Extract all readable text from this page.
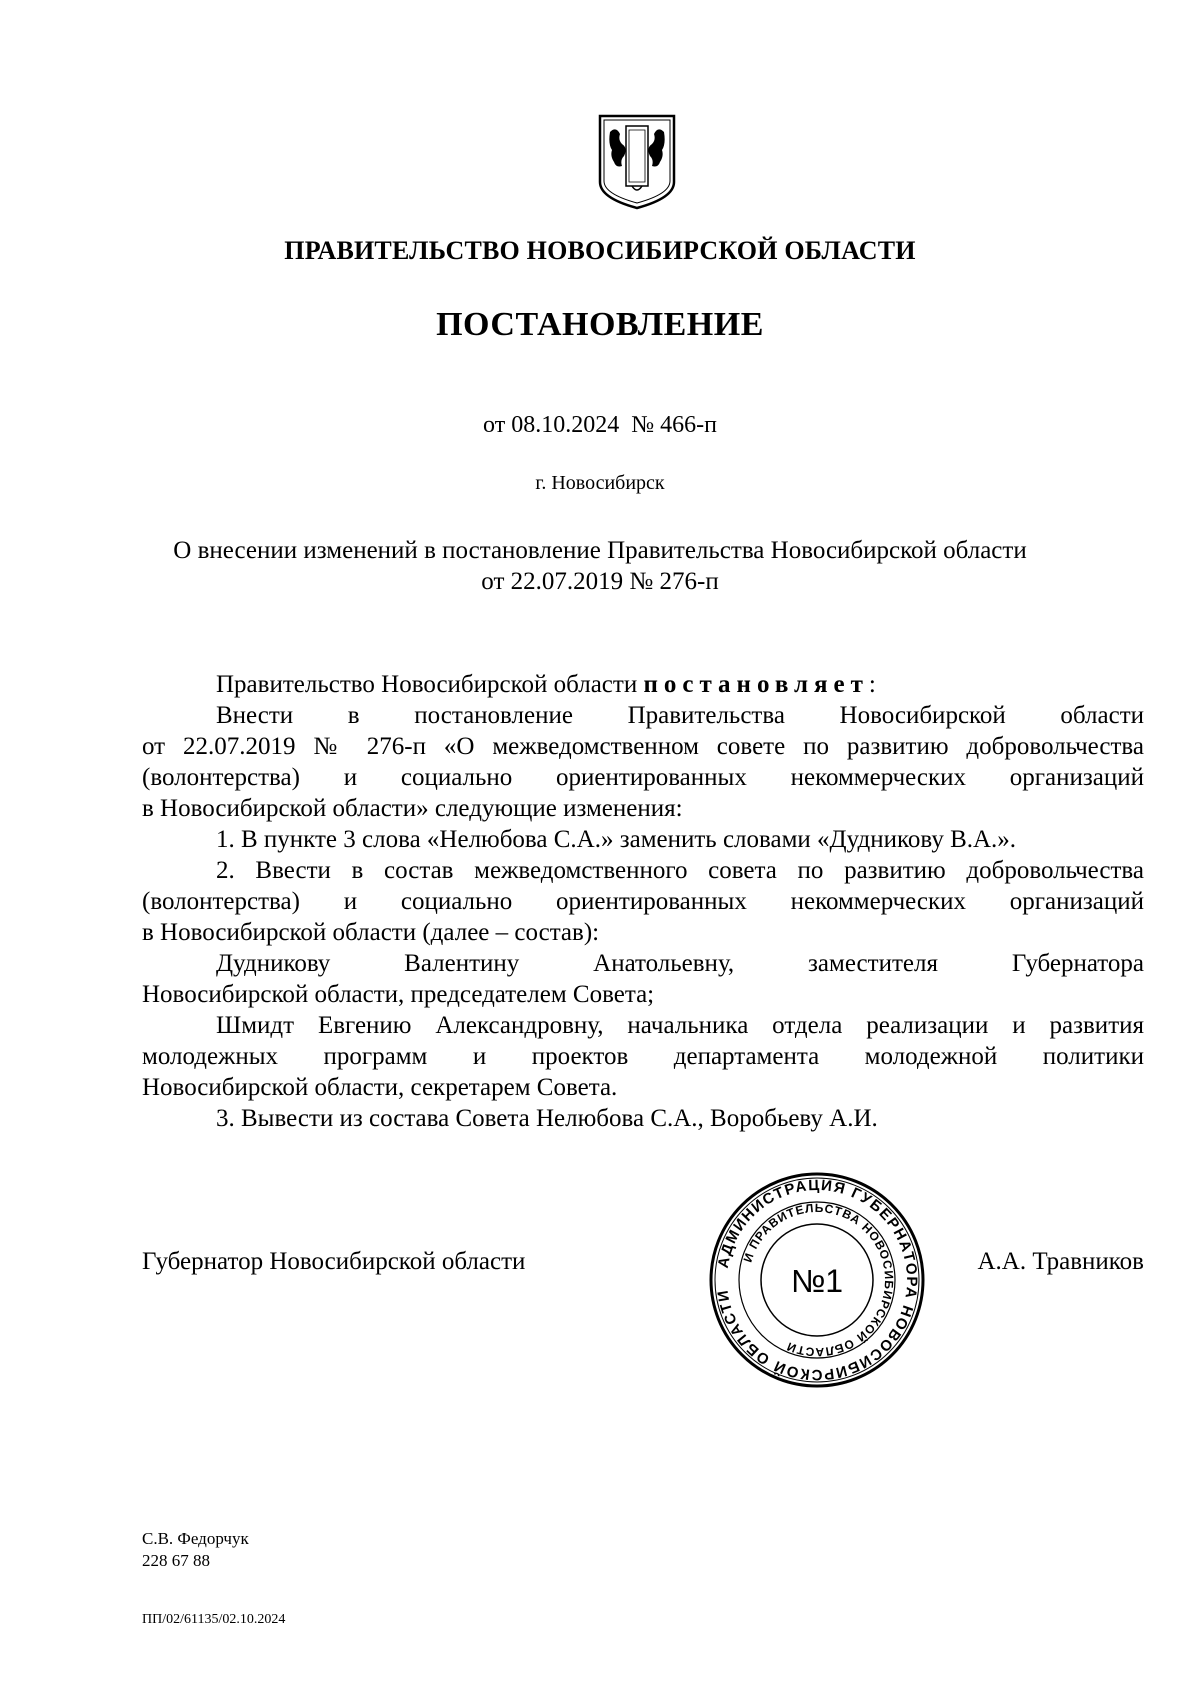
ПРАВИТЕЛЬСТВО НОВОСИБИРСКОЙ ОБЛАСТИ
ПОСТАНОВЛЕНИЕ
от 08.10.2024  № 466-п
г. Новосибирск
О внесении изменений в постановление Правительства Новосибирской области
от 22.07.2019 № 276-п
Правительство Новосибирской области постановляет:
Внести в постановление Правительства Новосибирской области
от 22.07.2019 № 276-п «О межведомственном совете по развитию добровольчества
(волонтерства) и социально ориентированных некоммерческих организаций
в Новосибирской области» следующие изменения:
1. В пункте 3 слова «Нелюбова С.А.» заменить словами «Дудникову В.А.».
2. Ввести в состав межведомственного совета по развитию добровольчества
(волонтерства) и социально ориентированных некоммерческих организаций
в Новосибирской области (далее – состав):
Дудникову Валентину Анатольевну, заместителя Губернатора
Новосибирской области, председателем Совета;
Шмидт Евгению Александровну, начальника отдела реализации и развития
молодежных программ и проектов департамента молодежной политики
Новосибирской области, секретарем Совета.
3. Вывести из состава Совета Нелюбова С.А., Воробьеву А.И.
Губернатор Новосибирской области	А.А. Травников
АДМИНИСТРАЦИЯ ГУБЕРНАТОРА НОВОСИБИРСКОЙ ОБЛАСТИ
И ПРАВИТЕЛЬСТВА НОВОСИБИРСКОЙ ОБЛАСТИ
№1
С.В. Федорчук
228 67 88
ПП/02/61135/02.10.2024
